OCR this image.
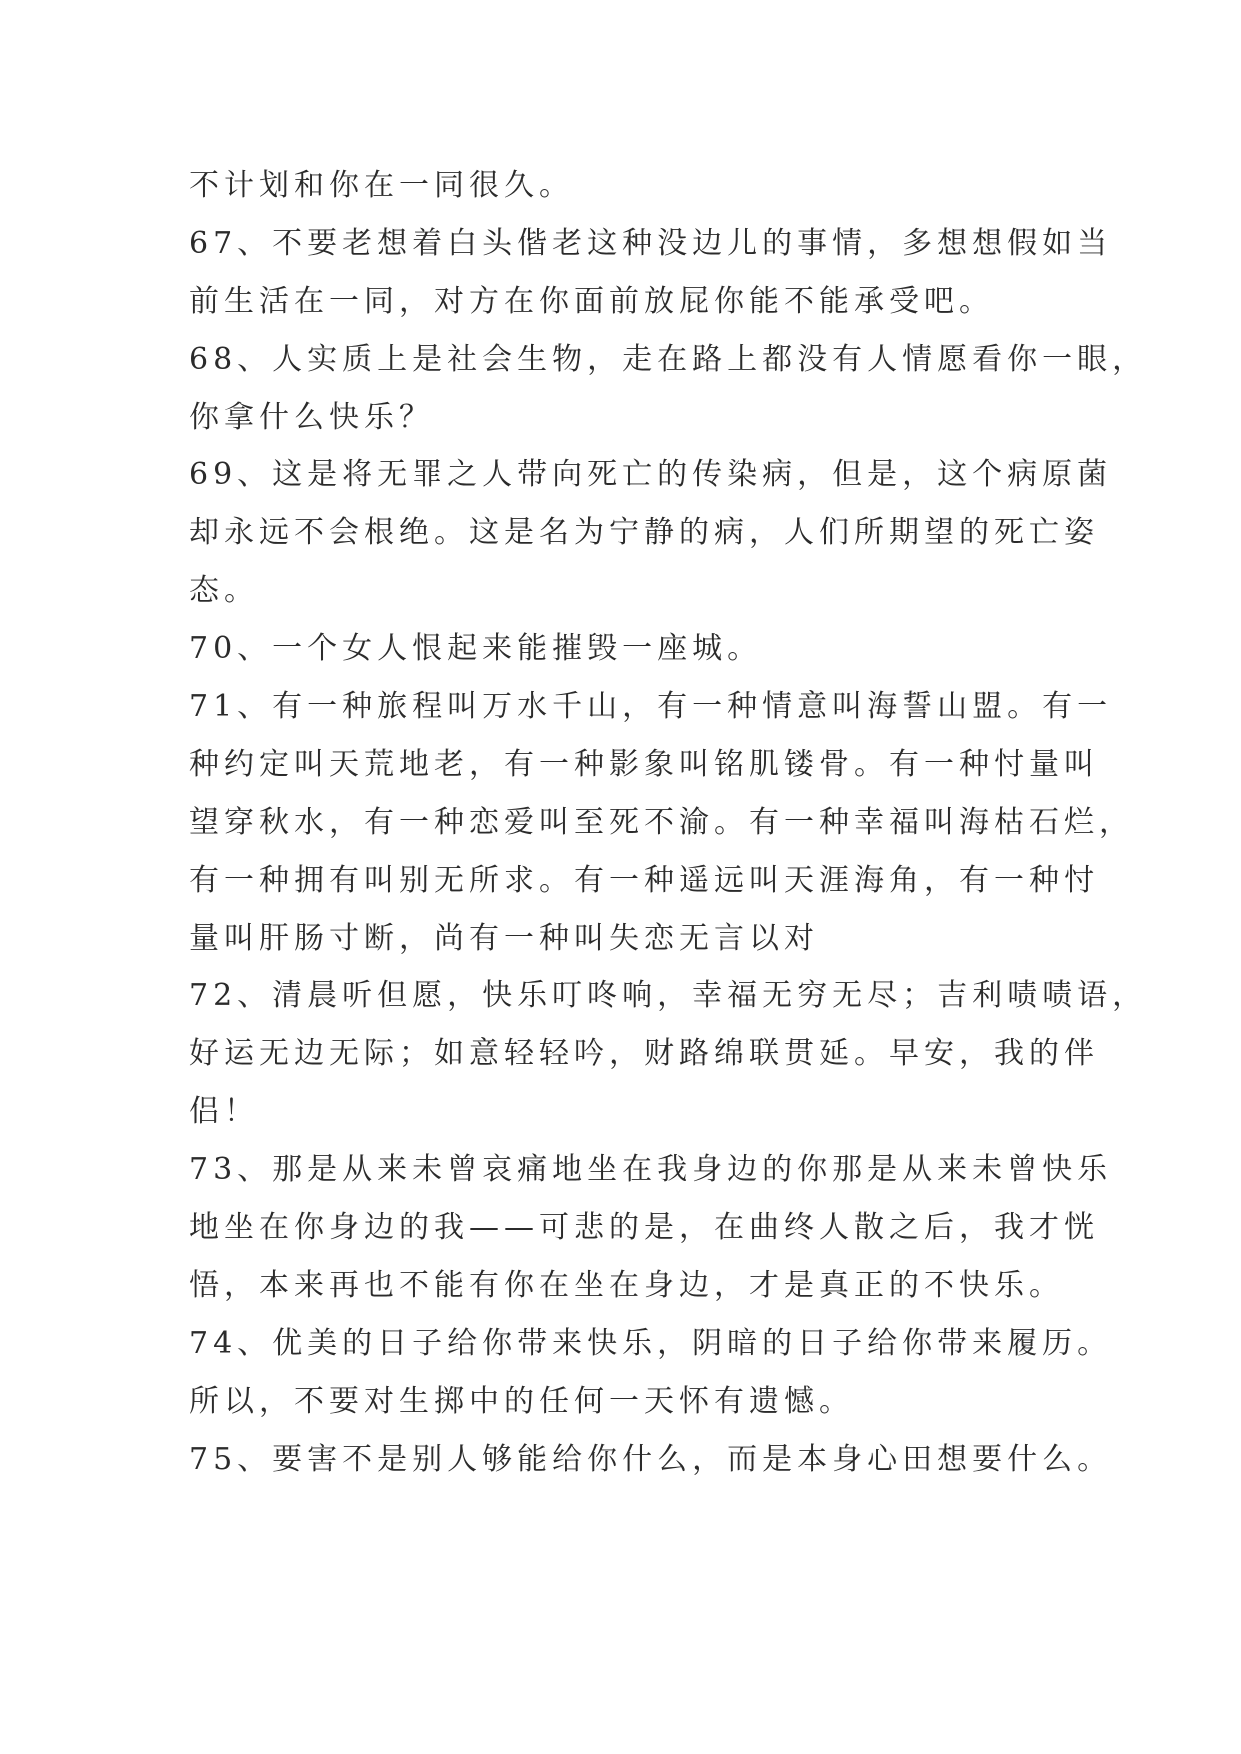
不计划和你在一同很久。
67、不要老想着白头偕老这种没边儿的事情，多想想假如当
前生活在一同，对方在你面前放屁你能不能承受吧。
68、人实质上是社会生物，走在路上都没有人情愿看你一眼，
你拿什么快乐？
69、这是将无罪之人带向死亡的传染病，但是，这个病原菌
却永远不会根绝。这是名为宁静的病，人们所期望的死亡姿
态。
70、一个女人恨起来能摧毁一座城。
71、有一种旅程叫万水千山，有一种情意叫海誓山盟。有一
种约定叫天荒地老，有一种影象叫铭肌镂骨。有一种忖量叫
望穿秋水，有一种恋爱叫至死不渝。有一种幸福叫海枯石烂，
有一种拥有叫别无所求。有一种遥远叫天涯海角，有一种忖
量叫肝肠寸断，尚有一种叫失恋无言以对
72、清晨听但愿，快乐叮咚响，幸福无穷无尽；吉利啧啧语，
好运无边无际；如意轻轻吟，财路绵联贯延。早安，我的伴
侣！
73、那是从来未曾哀痛地坐在我身边的你那是从来未曾快乐
地坐在你身边的我——可悲的是，在曲终人散之后，我才恍
悟，本来再也不能有你在坐在身边，才是真正的不快乐。
74、优美的日子给你带来快乐，阴暗的日子给你带来履历。
所以，不要对生掷中的任何一天怀有遗憾。
75、要害不是别人够能给你什么，而是本身心田想要什么。
